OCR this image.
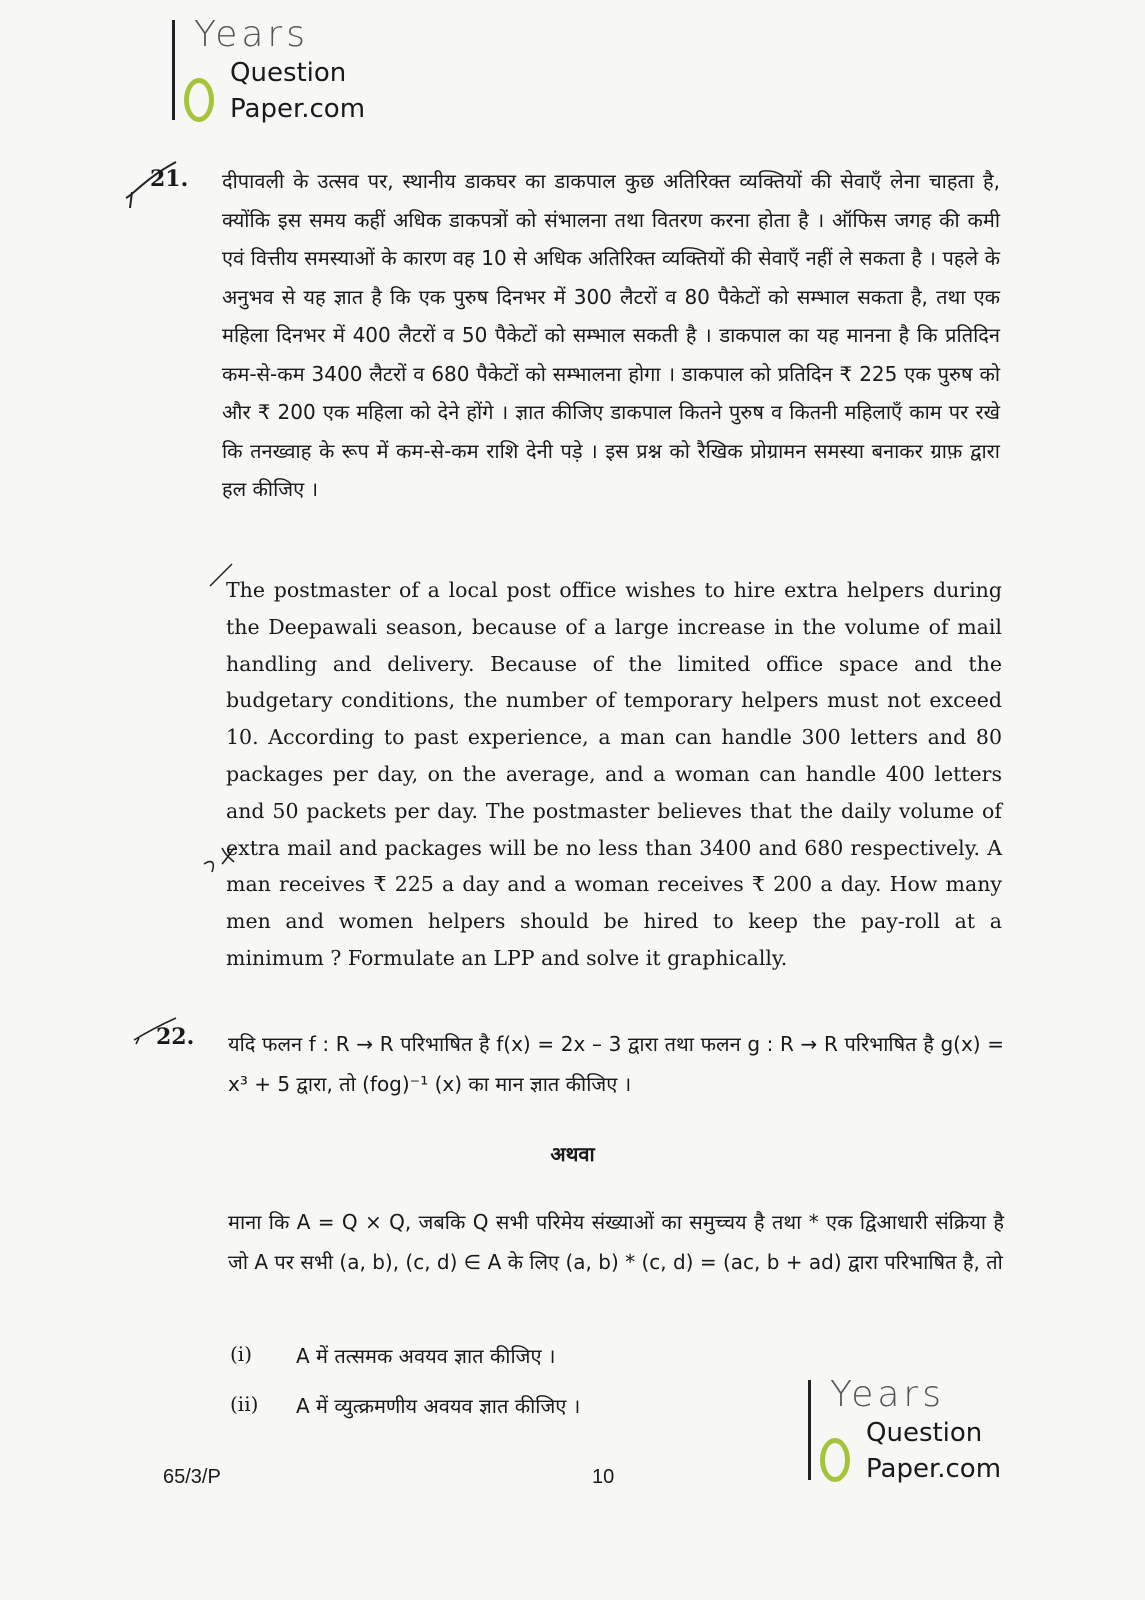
Years
Question
Paper.com
21. दीपावली के उत्सव पर, स्थानीय डाकघर का डाकपाल कुछ अतिरिक्त व्यक्तियों की सेवाएँ लेना चाहता है, क्योंकि इस समय कहीं अधिक डाकपत्रों को संभालना तथा वितरण करना होता है । ऑफिस जगह की कमी एवं वित्तीय समस्याओं के कारण वह 10 से अधिक अतिरिक्त व्यक्तियों की सेवाएँ नहीं ले सकता है । पहले के अनुभव से यह ज्ञात है कि एक पुरुष दिनभर में 300 लैटरों व 80 पैकेटों को सम्भाल सकता है, तथा एक महिला दिनभर में 400 लैटरों व 50 पैकेटों को सम्भाल सकती है । डाकपाल का यह मानना है कि प्रतिदिन कम-से-कम 3400 लैटरों व 680 पैकेटों को सम्भालना होगा । डाकपाल को प्रतिदिन ₹ 225 एक पुरुष को और ₹ 200 एक महिला को देने होंगे । ज्ञात कीजिए डाकपाल कितने पुरुष व कितनी महिलाएँ काम पर रखे कि तनख्वाह के रूप में कम-से-कम राशि देनी पड़े । इस प्रश्न को रैखिक प्रोग्रामन समस्या बनाकर ग्राफ़ द्वारा हल कीजिए ।
The postmaster of a local post office wishes to hire extra helpers during the Deepawali season, because of a large increase in the volume of mail handling and delivery. Because of the limited office space and the budgetary conditions, the number of temporary helpers must not exceed 10. According to past experience, a man can handle 300 letters and 80 packages per day, on the average, and a woman can handle 400 letters and 50 packets per day. The postmaster believes that the daily volume of extra mail and packages will be no less than 3400 and 680 respectively. A man receives ₹ 225 a day and a woman receives ₹ 200 a day. How many men and women helpers should be hired to keep the pay-roll at a minimum ? Formulate an LPP and solve it graphically.
22. यदि फलन f : R → R परिभाषित है f(x) = 2x – 3 द्वारा तथा फलन g : R → R परिभाषित है g(x) = x³ + 5 द्वारा, तो (fog)⁻¹ (x) का मान ज्ञात कीजिए ।
अथवा
माना कि A = Q × Q, जबकि Q सभी परिमेय संख्याओं का समुच्चय है तथा * एक द्विआधारी संक्रिया है जो A पर सभी (a, b), (c, d) ∈ A के लिए (a, b) * (c, d) = (ac, b + ad) द्वारा परिभाषित है, तो
(i) A में तत्समक अवयव ज्ञात कीजिए ।
(ii) A में व्युत्क्रमणीय अवयव ज्ञात कीजिए ।
65/3/P	10
Years
Question
Paper.com
